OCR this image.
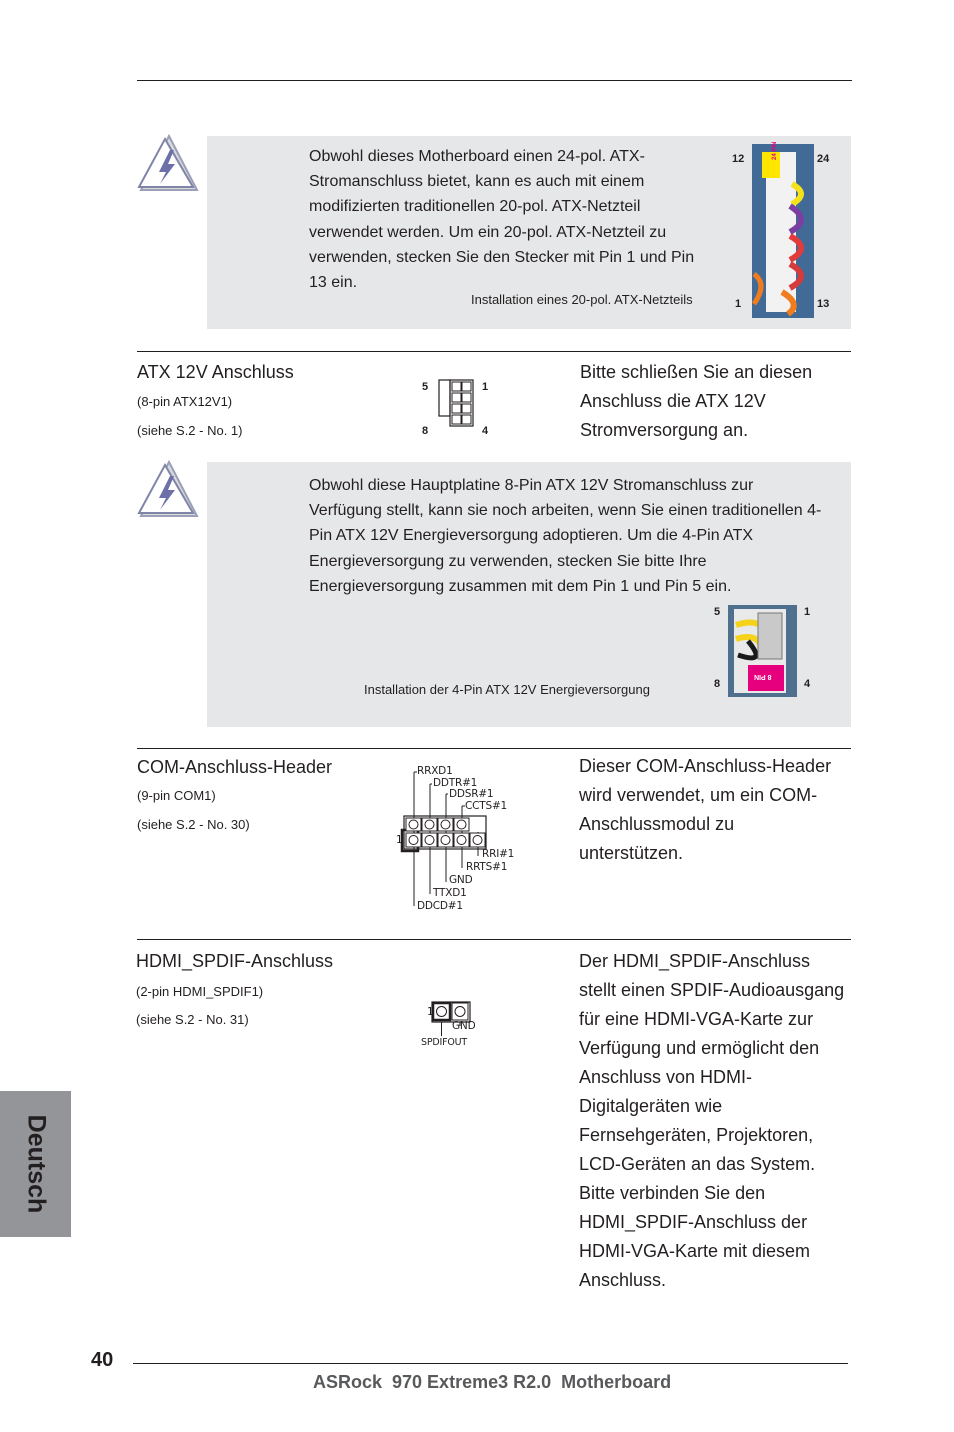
Obwohl dieses Motherboard einen 24-pol. ATX-Stromanschluss bietet, kann es auch mit einem modifizierten traditionellen 20-pol. ATX-Netzteil verwendet werden. Um ein 20-pol. ATX-Netzteil zu verwenden, stecken Sie den Stecker mit Pin 1 und Pin 13 ein.
Installation eines 20-pol. ATX-Netzteils
24 PIN
12	24
1	13
ATX 12V Anschluss
(8-pin ATX12V1)
(siehe S.2 - No. 1)
5	1
8	4
Bitte schließen Sie an diesen Anschluss die ATX 12V Stromversorgung an.
Obwohl diese Hauptplatine 8-Pin ATX 12V Stromanschluss zur Verfügung stellt, kann sie noch arbeiten, wenn Sie einen traditionellen 4-Pin ATX 12V Energieversorgung adoptieren. Um die 4-Pin ATX Energieversorgung zu verwenden, stecken Sie bitte Ihre Energieversorgung zusammen mit dem Pin 1 und Pin 5 ein.
Installation der 4-Pin ATX 12V Energieversorgung
8 PIN
5	1
8	4
COM-Anschluss-Header
(9-pin COM1)
(siehe S.2 - No. 30)
RRXD1
DDTR#1
DDSR#1
CCTS#1
1
RRI#1
RRTS#1
GND
TTXD1
DDCD#1
Dieser COM-Anschluss-Header wird verwendet, um ein COM-Anschlussmodul zu unterstützen.
HDMI_SPDIF-Anschluss
(2-pin HDMI_SPDIF1)
(siehe S.2 - No. 31)	1
GND
SPDIFOUT
Der HDMI_SPDIF-Anschluss stellt einen SPDIF-Audioausgang für eine HDMI-VGA-Karte zur Verfügung und ermöglicht den Anschluss von HDMI-Digitalgeräten wie Fernsehgeräten, Projektoren, LCD-Geräten an das System. Bitte verbinden Sie den HDMI_SPDIF-Anschluss der HDMI-VGA-Karte mit diesem Anschluss.
Deutsch
40
ASRock  970 Extreme3 R2.0  Motherboard
